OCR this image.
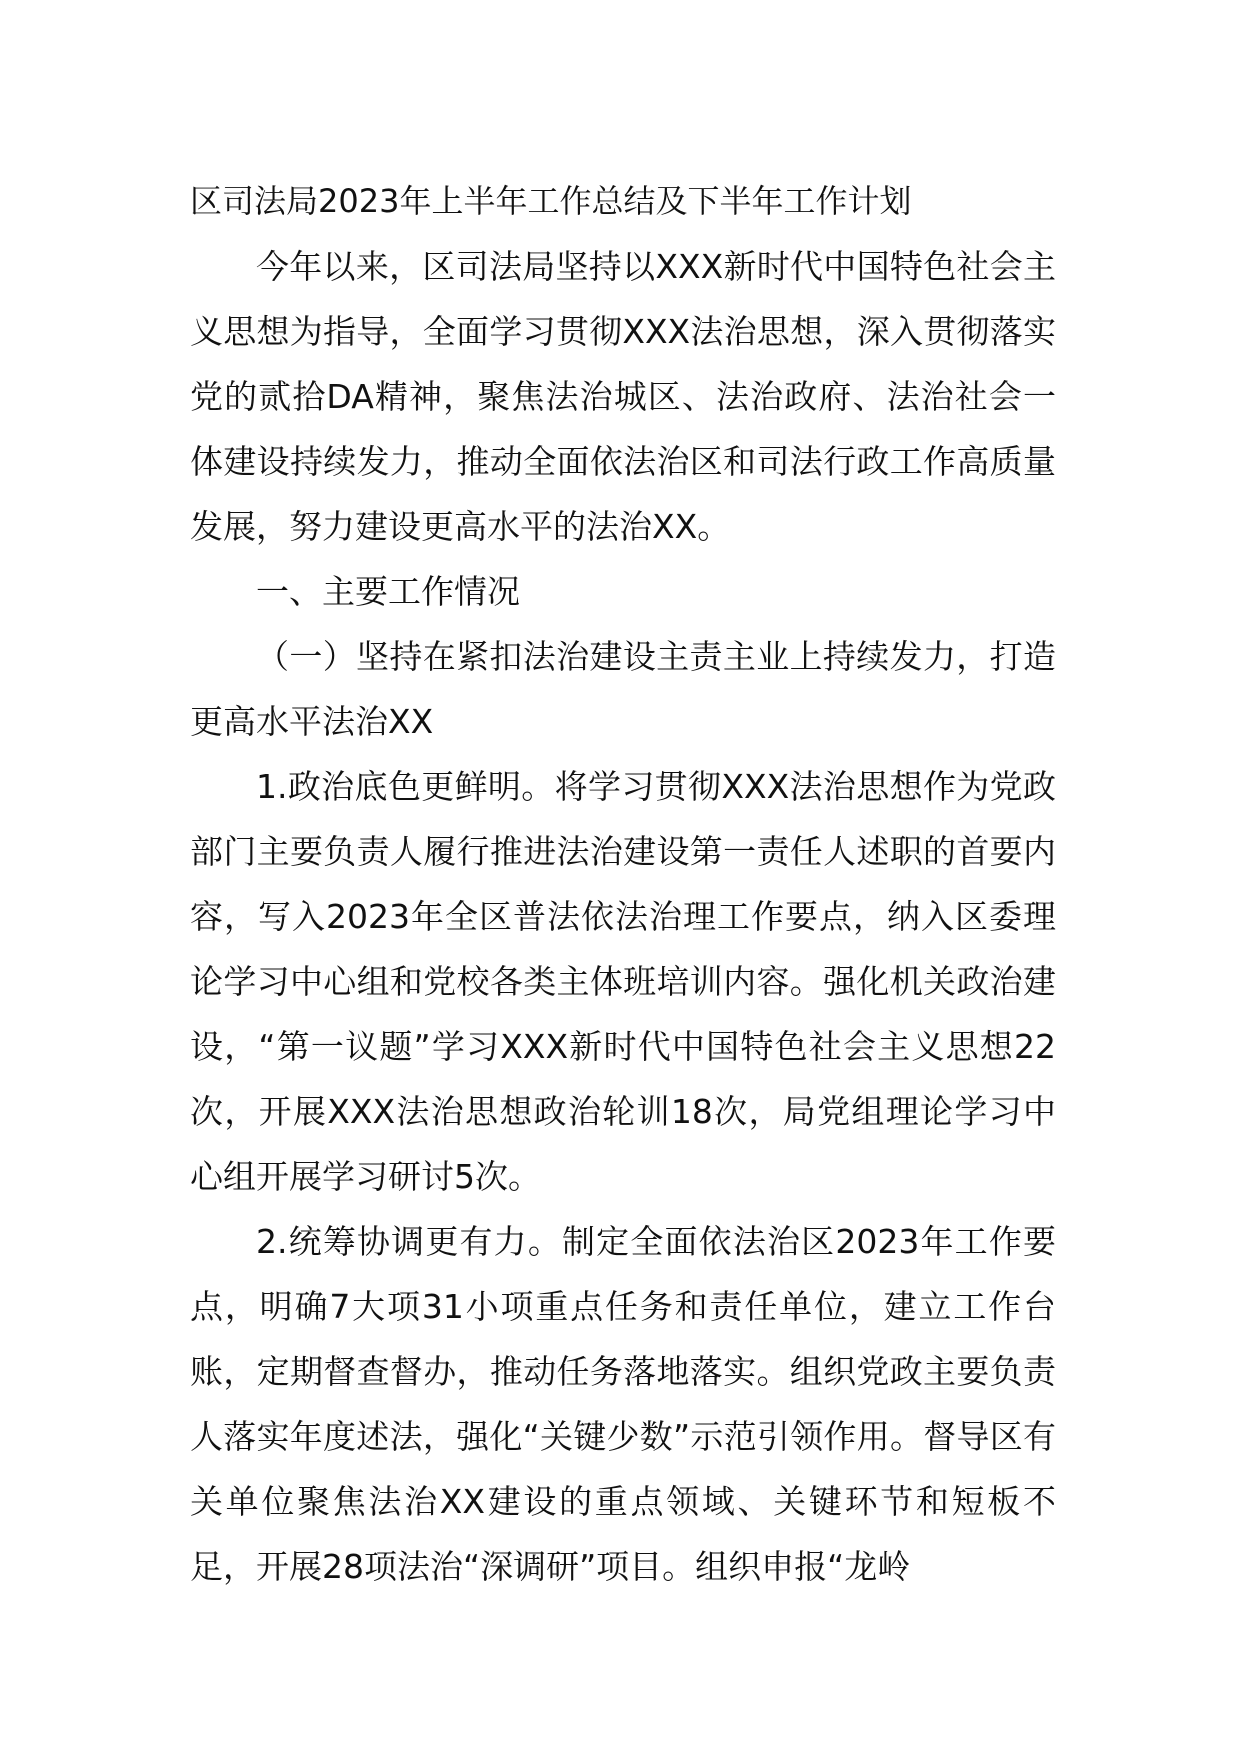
区司法局2023年上半年工作总结及下半年工作计划

今年以来，区司法局坚持以XXX新时代中国特色社会主义思想为指导，全面学习贯彻XXX法治思想，深入贯彻落实党的贰拾DA精神，聚焦法治城区、法治政府、法治社会一体建设持续发力，推动全面依法治区和司法行政工作高质量发展，努力建设更高水平的法治XX。

一、主要工作情况

（一）坚持在紧扣法治建设主责主业上持续发力，打造更高水平法治XX

1.政治底色更鲜明。将学习贯彻XXX法治思想作为党政部门主要负责人履行推进法治建设第一责任人述职的首要内容，写入2023年全区普法依法治理工作要点，纳入区委理论学习中心组和党校各类主体班培训内容。强化机关政治建设，“第一议题”学习XXX新时代中国特色社会主义思想22次，开展XXX法治思想政治轮训18次，局党组理论学习中心组开展学习研讨5次。

2.统筹协调更有力。制定全面依法治区2023年工作要点，明确7大项31小项重点任务和责任单位，建立工作台账，定期督查督办，推动任务落地落实。组织党政主要负责人落实年度述法，强化“关键少数”示范引领作用。督导区有关单位聚焦法治XX建设的重点领域、关键环节和短板不足，开展28项法治“深调研”项目。组织申报“龙岭
